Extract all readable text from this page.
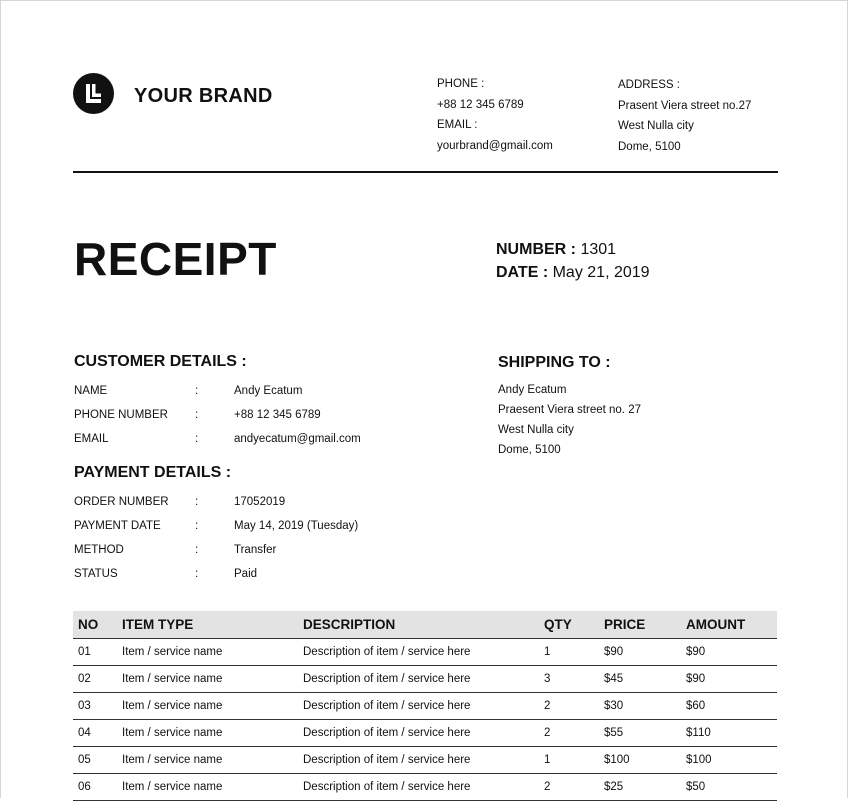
YOUR BRAND
PHONE :
+88 12 345 6789
EMAIL :
yourbrand@gmail.com
ADDRESS :
Prasent Viera street no.27
West Nulla city
Dome, 5100
RECEIPT	NUMBER : 1301
DATE : May 21, 2019
CUSTOMER DETAILS :
NAME	:	Andy Ecatum
PHONE NUMBER :	+88 12 345 6789
EMAIL	:	andyecatum@gmail.com
PAYMENT DETAILS :
ORDER NUMBER :	17052019
PAYMENT DATE	:	May 14, 2019 (Tuesday)
METHOD	:	Transfer
STATUS	:	Paid
SHIPPING TO :
Andy Ecatum
Praesent Viera street no. 27
West Nulla city
Dome, 5100
NO	ITEM TYPE	DESCRIPTION	QTY	PRICE	AMOUNT
01	Item / service name	Description of item / service here	1	$90	$90
02	Item / service name	Description of item / service here	3	$45	$90
03	Item / service name	Description of item / service here	2	$30	$60
04	Item / service name	Description of item / service here	2	$55	$110
05	Item / service name	Description of item / service here	1	$100	$100
06	Item / service name	Description of item / service here	2	$25	$50
